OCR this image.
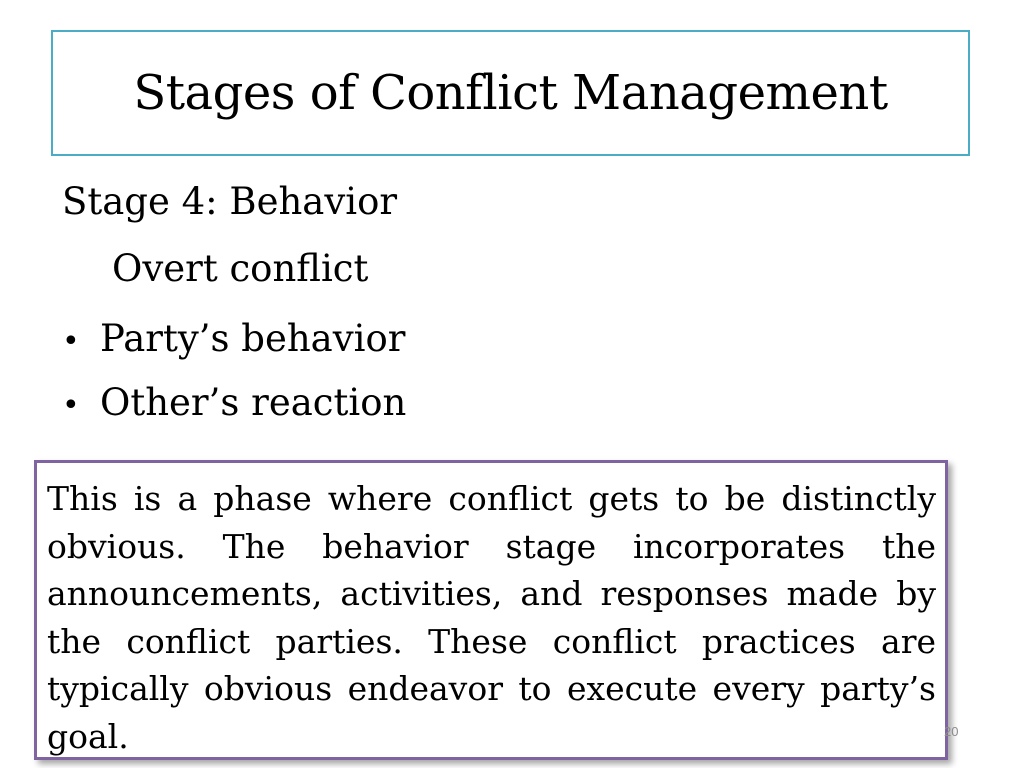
Stages of Conflict Management
Stage 4: Behavior
Overt conflict
• Party’s behavior
• Other’s reaction

This is a phase where conflict gets to be distinctly obvious. The behavior stage incorporates the announcements, activities, and responses made by the conflict parties. These conflict practices are typically obvious endeavor to execute every party’s goal.	20
